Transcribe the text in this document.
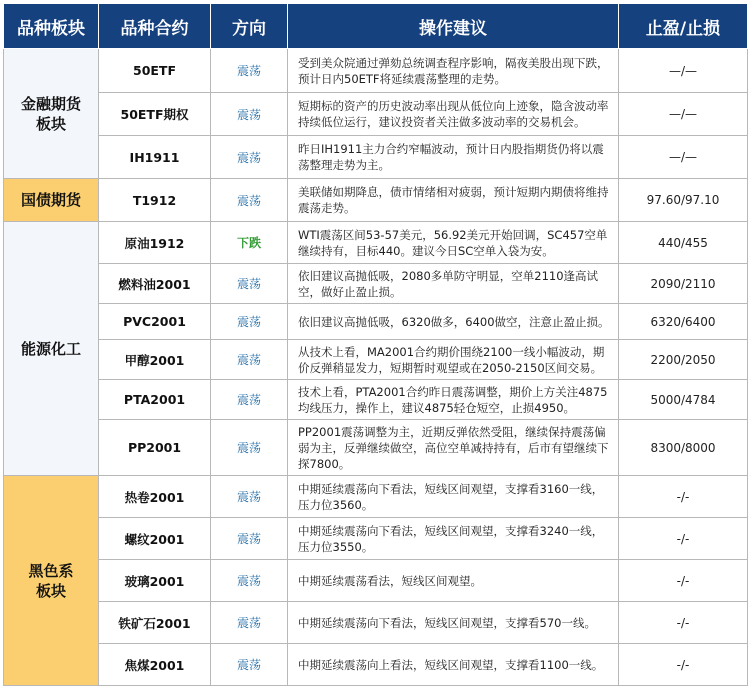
品种板块	品种合约	方向	操作建议	止盈/止损
金融期货
板块	50ETF	震荡	受到美众院通过弹劾总统调查程序影响，隔夜美股出现下跌，预计日内50ETF将延续震荡整理的走势。	—/—
	50ETF期权	震荡	短期标的资产的历史波动率出现从低位向上迹象，隐含波动率持续低位运行，建议投资者关注做多波动率的交易机会。	—/—
	IH1911	震荡	昨日IH1911主力合约窄幅波动，预计日内股指期货仍将以震荡整理走势为主。	—/—
国债期货	T1912	震荡	美联储如期降息，债市情绪相对疲弱，预计短期内期债将维持震荡走势。	97.60/97.10
能源化工	原油1912	下跌	WTI震荡区间53-57美元，56.92美元开始回调，SC457空单继续持有，目标440。建议今日SC空单入袋为安。	440/455
	燃料油2001	震荡	依旧建议高抛低吸，2080多单防守明显，空单2110逢高试空，做好止盈止损。	2090/2110
	PVC2001	震荡	依旧建议高抛低吸，6320做多，6400做空，注意止盈止损。	6320/6400
	甲醇2001	震荡	从技术上看，MA2001合约期价围绕2100一线小幅波动，期价反弹稍显发力，短期暂时观望或在2050-2150区间交易。	2200/2050
	PTA2001	震荡	技术上看，PTA2001合约昨日震荡调整，期价上方关注4875均线压力，操作上，建议4875轻仓短空，止损4950。	5000/4784
	PP2001	震荡	PP2001震荡调整为主，近期反弹依然受阻，继续保持震荡偏弱为主，反弹继续做空，高位空单减持持有，后市有望继续下探7800。	8300/8000
黑色系
板块	热卷2001	震荡	中期延续震荡向下看法，短线区间观望，支撑看3160一线，压力位3560。	-/-
	螺纹2001	震荡	中期延续震荡向下看法，短线区间观望，支撑看3240一线，压力位3550。	-/-
	玻璃2001	震荡	中期延续震荡看法，短线区间观望。	-/-
	铁矿石2001	震荡	中期延续震荡向下看法，短线区间观望，支撑看570一线。	-/-
	焦煤2001	震荡	中期延续震荡向上看法，短线区间观望，支撑看1100一线。	-/-
